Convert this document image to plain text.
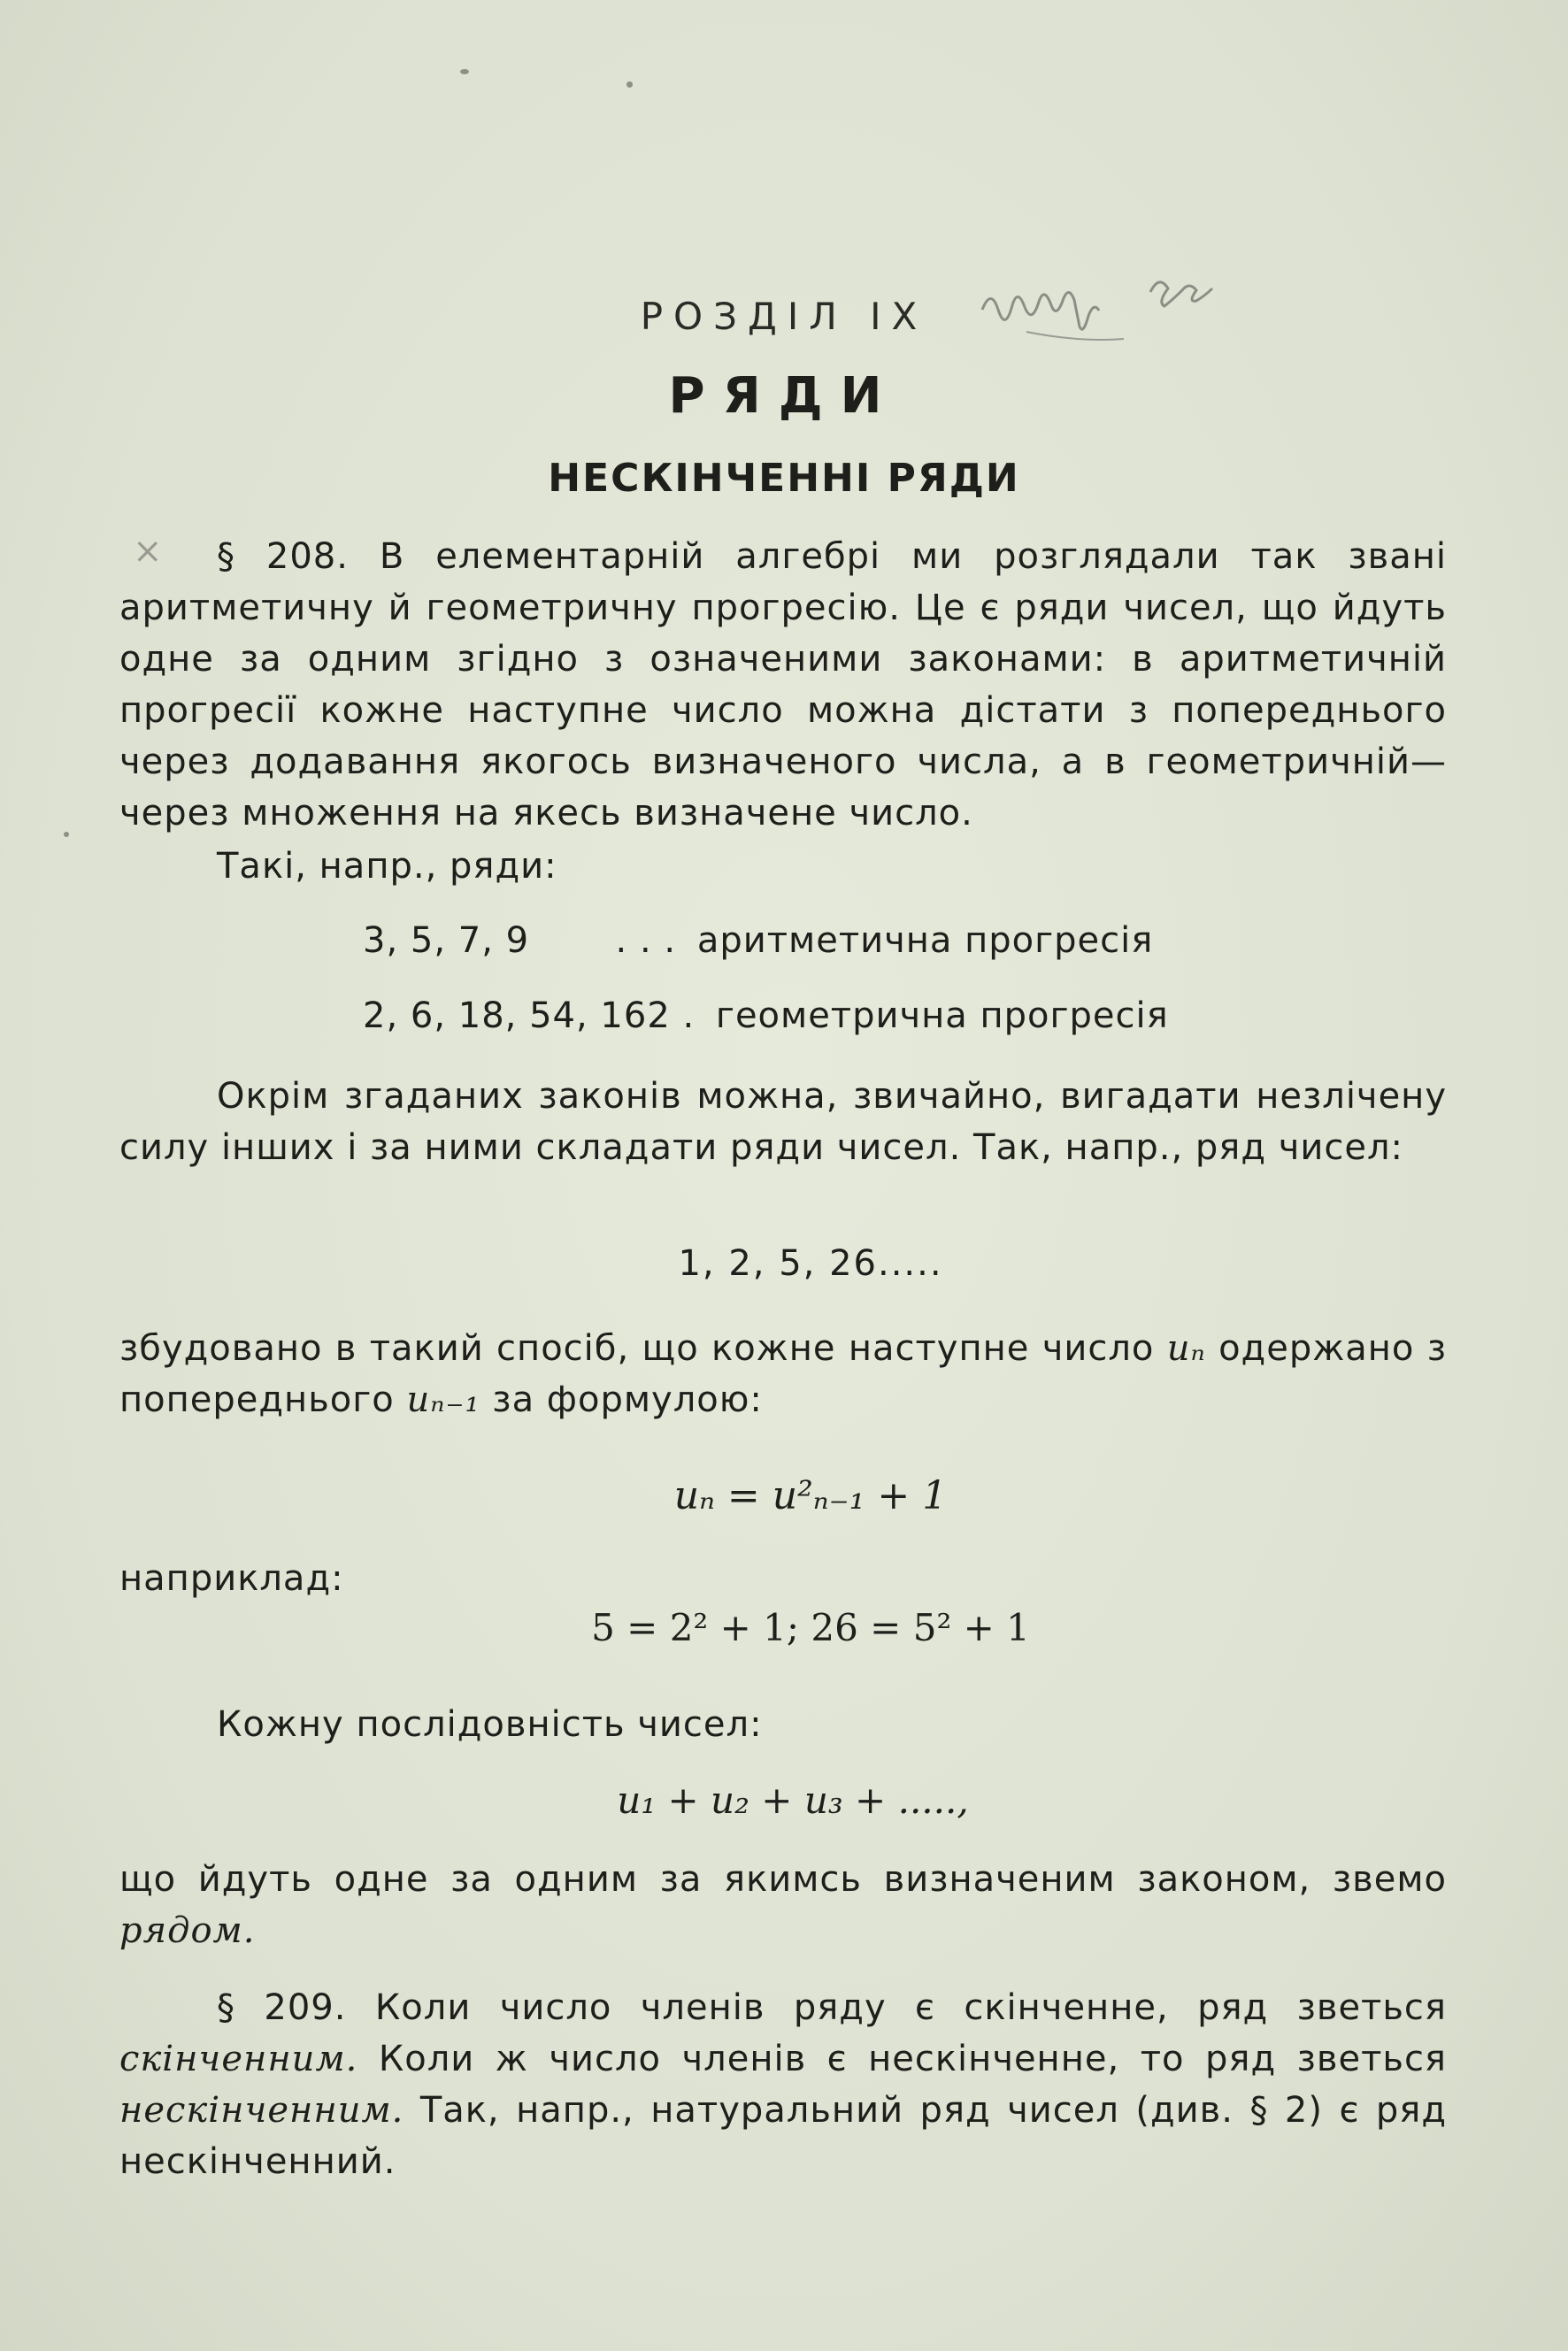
РОЗДІЛ IX
РЯДИ
НЕСКІНЧЕННІ РЯДИ
×	§ 208. В елементарній алгебрі ми розглядали так звані аритметичну й геометричну прогресію. Це є ряди чисел, що йдуть одне за одним згідно з означеними законами: в аритметичній прогресії кожне наступне число можна дістати з попереднього через додавання якогось визначеного числа, а в геометричній—через множення на якесь визначене число.

Такі, напр., ряди:

3, 5, 7, 9 . . . аритметична прогресія
2, 6, 18, 54, 162 . геометрична прогресія

Окрім згаданих законів можна, звичайно, вигадати незлічену силу інших і за ними складати ряди чисел. Так, напр., ряд чисел:

1, 2, 5, 26.....

збудовано в такий спосіб, що кожне наступне число uₙ одержано з попереднього uₙ₋₁ за формулою:

uₙ = u²ₙ₋₁ + 1

наприклад:

5 = 2² + 1; 26 = 5² + 1

Кожну послідовність чисел:

u₁ + u₂ + u₃ + .....,

що йдуть одне за одним за якимсь визначеним законом, звемо рядом.

§ 209. Коли число членів ряду є скінченне, ряд зветься скінченним. Коли ж число членів є нескінченне, то ряд зветься нескінченним. Так, напр., натуральний ряд чисел (див. § 2) є ряд нескінченний.
